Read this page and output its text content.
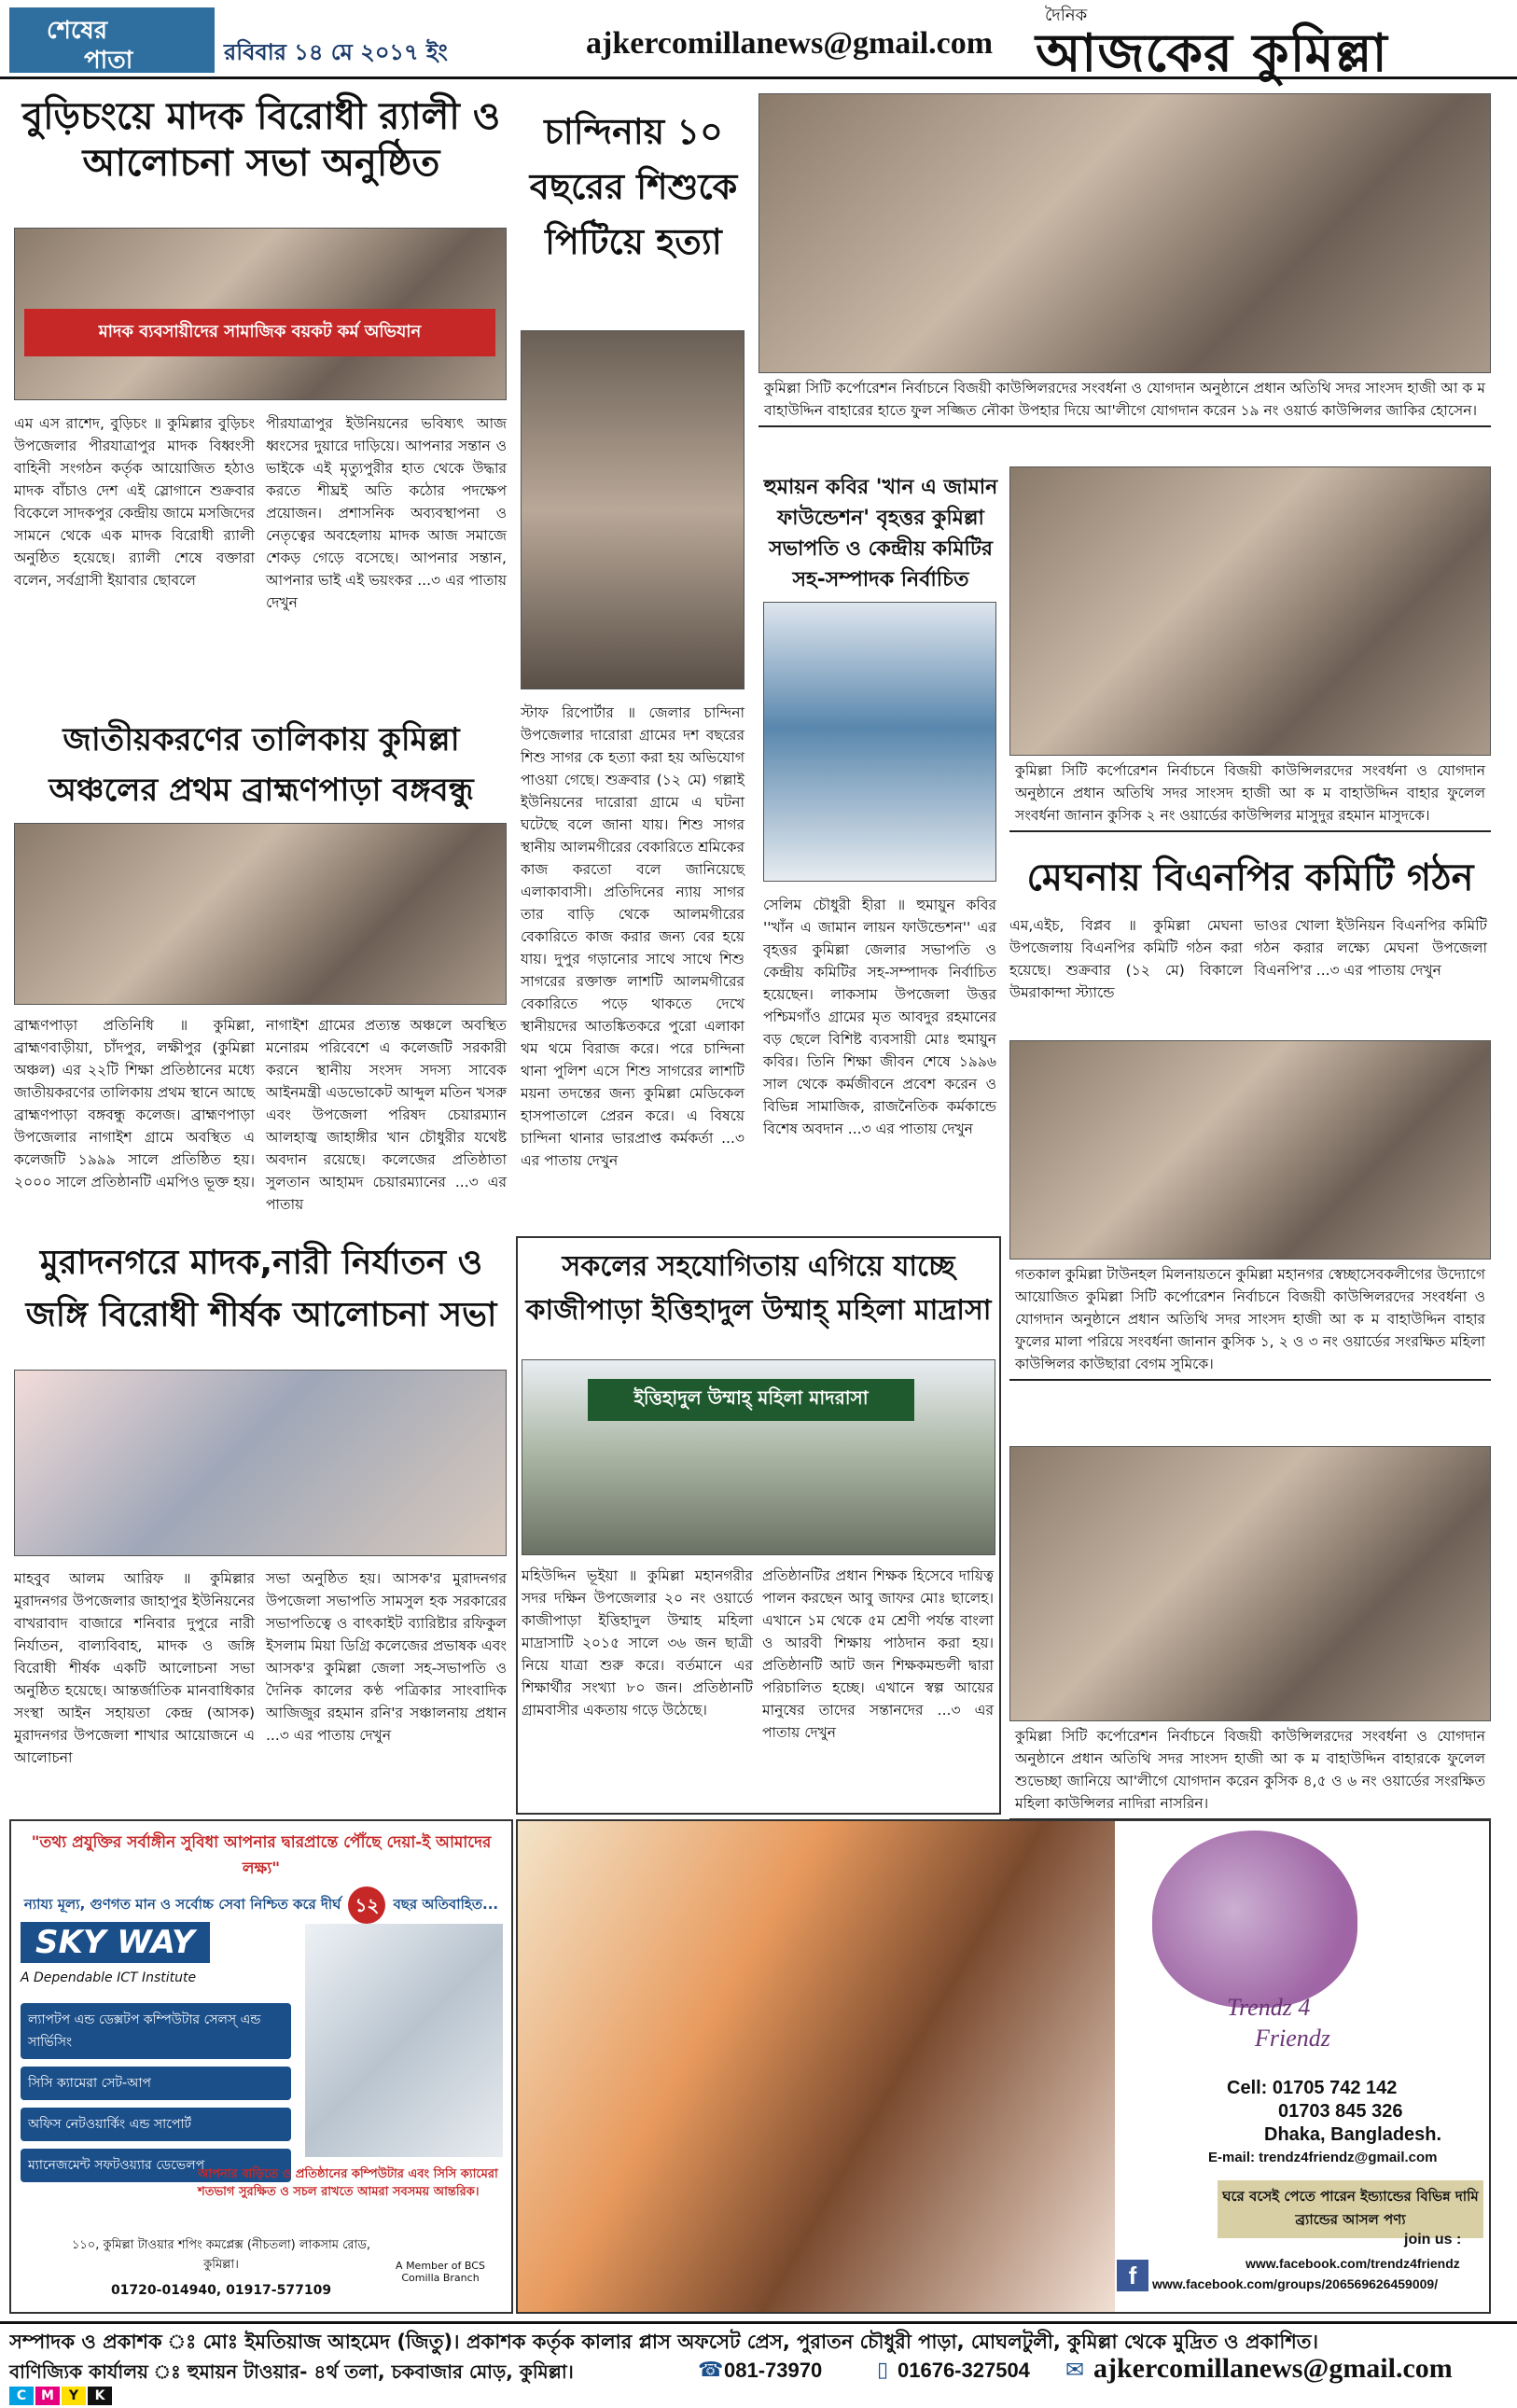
শেষের
পাতা	রবিবার ১৪ মে ২০১৭ ইং	ajkercomillanews@gmail.com
দৈনিক
আজকের কুমিল্লা
বুড়িচংয়ে মাদক বিরোধী র‌্যালী ও আলোচনা সভা অনুষ্ঠিত
মাদক ব্যবসায়ীদের সামাজিক বয়কট কর্ম অভিযান
এম এস রাশেদ, বুড়িচং ॥ কুমিল্লার বুড়িচং উপজেলার পীরযাত্রাপুর মাদক বিধ্বংসী বাহিনী সংগঠন কর্তৃক আয়োজিত হঠাও মাদক বাঁচাও দেশ এই স্লোগানে শুক্রবার বিকেলে সাদকপুর কেন্দ্রীয় জামে মসজিদের সামনে থেকে এক মাদক বিরোধী র‌্যালী অনুষ্ঠিত হয়েছে। র‌্যালী শেষে বক্তারা বলেন, সর্বগ্রাসী ইয়াবার ছোবলে
পীরযাত্রাপুর ইউনিয়নের ভবিষ্যৎ আজ ধ্বংসের দুয়ারে দাড়িয়ে। আপনার সন্তান ও ভাইকে এই মৃত্যুপুরীর হাত থেকে উদ্ধার করতে শীঘ্রই অতি কঠোর পদক্ষেপ প্রয়োজন। প্রশাসনিক অব্যবস্থাপনা ও নেতৃত্বের অবহেলায় মাদক আজ সমাজে শেকড় গেড়ে বসেছে। আপনার সন্তান, আপনার ভাই এই ভয়ংকর ...৩ এর পাতায় দেখুন
চান্দিনায় ১০ বছরের শিশুকে পিটিয়ে হত্যা
স্টাফ রিপোর্টার ॥ জেলার চান্দিনা উপজেলার দারোরা গ্রামের দশ বছরের শিশু সাগর কে হত্যা করা হয় অভিযোগ পাওয়া গেছে। শুক্রবার (১২ মে) গল্লাই ইউনিয়নের দারোরা গ্রামে এ ঘটনা ঘটেছে বলে জানা যায়। শিশু সাগর স্থানীয় আলমগীরের বেকারিতে শ্রমিকের কাজ করতো বলে জানিয়েছে এলাকাবাসী। প্রতিদিনের ন্যায় সাগর তার বাড়ি থেকে আলমগীরের বেকারিতে কাজ করার জন্য বের হয়ে যায়। দুপুর গড়ানোর সাথে সাথে শিশু সাগরের রক্তাক্ত লাশটি আলমগীরের বেকারিতে পড়ে থাকতে দেখে স্থানীয়দের আতঙ্কিতকরে পুরো এলাকা থম থমে বিরাজ করে। পরে চান্দিনা থানা পুলিশ এসে শিশু সাগরের লাশটি ময়না তদন্তের জন্য কুমিল্লা মেডিকেল হাসপাতালে প্রেরন করে। এ বিষয়ে চান্দিনা থানার ভারপ্রাপ্ত কর্মকর্তা ...৩ এর পাতায় দেখুন
কুমিল্লা সিটি কর্পোরেশন নির্বাচনে বিজয়ী কাউন্সিলরদের সংবর্ধনা ও যোগদান অনুষ্ঠানে প্রধান অতিথি সদর সাংসদ হাজী আ ক ম বাহাউদ্দিন বাহারের হাতে ফুল সজ্জিত নৌকা উপহার দিয়ে আ'লীগে যোগদান করেন ১৯ নং ওয়ার্ড কাউন্সিলর জাকির হোসেন।
হুমায়ন কবির 'খান এ জামান ফাউন্ডেশন' বৃহত্তর কুমিল্লা সভাপতি ও কেন্দ্রীয় কমিটির সহ-সম্পাদক নির্বাচিত
সেলিম চৌধুরী হীরা ॥ হুমায়ুন কবির ''খাঁন এ জামান লায়ন ফাউন্ডেশন'' এর বৃহত্তর কুমিল্লা জেলার সভাপতি ও কেন্দ্রীয় কমিটির সহ-সম্পাদক নির্বাচিত হয়েছেন। লাকসাম উপজেলা উত্তর পশ্চিমগাঁও গ্রামের মৃত আবদুর রহমানের বড় ছেলে বিশিষ্ট ব্যবসায়ী মোঃ হুমায়ুন কবির। তিনি শিক্ষা জীবন শেষে ১৯৯৬ সাল থেকে কর্মজীবনে প্রবেশ করেন ও বিভিন্ন সামাজিক, রাজনৈতিক কর্মকান্ডে বিশেষ অবদান ...৩ এর পাতায় দেখুন
কুমিল্লা সিটি কর্পোরেশন নির্বাচনে বিজয়ী কাউন্সিলরদের সংবর্ধনা ও যোগদান অনুষ্ঠানে প্রধান অতিথি সদর সাংসদ হাজী আ ক ম বাহাউদ্দিন বাহার ফুলেল সংবর্ধনা জানান কুসিক ২ নং ওয়ার্ডের কাউন্সিলর মাসুদুর রহমান মাসুদকে।
জাতীয়করণের তালিকায় কুমিল্লা অঞ্চলের প্রথম ব্রাহ্মণপাড়া বঙ্গবন্ধু
ব্রাহ্মণপাড়া প্রতিনিধি ॥ কুমিল্লা, ব্রাহ্মণবাড়ীয়া, চাঁদপুর, লক্ষীপুর (কুমিল্লা অঞ্চল) এর ২২টি শিক্ষা প্রতিষ্ঠানের মধ্যে জাতীয়করণের তালিকায় প্রথম স্থানে আছে ব্রাহ্মণপাড়া বঙ্গবন্ধু কলেজ। ব্রাহ্মণপাড়া উপজেলার নাগাইশ গ্রামে অবস্থিত এ কলেজটি ১৯৯৯ সালে প্রতিষ্ঠিত হয়। ২০০০ সালে প্রতিষ্ঠানটি এমপিও ভূক্ত হয়।
নাগাইশ গ্রামের প্রত্যন্ত অঞ্চলে অবস্থিত মনোরম পরিবেশে এ কলেজটি সরকারী করনে স্থানীয় সংসদ সদস্য সাবেক আইনমন্ত্রী এডভোকেট আব্দুল মতিন খসরু এবং উপজেলা পরিষদ চেয়ারম্যান আলহাজ্ব জাহাঙ্গীর খান চৌধুরীর যথেষ্ট অবদান রয়েছে। কলেজের প্রতিষ্ঠাতা সুলতান আহামদ চেয়ারম্যানের ...৩ এর পাতায়
মেঘনায় বিএনপির কমিটি গঠন
এম,এইচ, বিপ্লব ॥ কুমিল্লা মেঘনা উপজেলায় বিএনপির কমিটি গঠন করা হয়েছে। শুক্রবার (১২ মে) বিকালে উমরাকান্দা স্ট্যান্ডে
ভাওর খোলা ইউনিয়ন বিএনপির কমিটি গঠন করার লক্ষ্যে মেঘনা উপজেলা বিএনপি'র ...৩ এর পাতায় দেখুন
গতকাল কুমিল্লা টাউনহল মিলনায়তনে কুমিল্লা মহানগর স্বেচ্ছাসেবকলীগের উদ্যোগে আয়োজিত কুমিল্লা সিটি কর্পোরেশন নির্বাচনে বিজয়ী কাউন্সিলরদের সংবর্ধনা ও যোগদান অনুষ্ঠানে প্রধান অতিথি সদর সাংসদ হাজী আ ক ম বাহাউদ্দিন বাহার ফুলের মালা পরিয়ে সংবর্ধনা জানান কুসিক ১, ২ ও ৩ নং ওয়ার্ডের সংরক্ষিত মহিলা কাউন্সিলর কাউছারা বেগম সুমিকে।
মুরাদনগরে মাদক,নারী নির্যাতন ও জঙ্গি বিরোধী শীর্ষক আলোচনা সভা
মাহবুব আলম আরিফ ॥ কুমিল্লার মুরাদনগর উপজেলার জাহাপুর ইউনিয়নের বাখরাবাদ বাজারে শনিবার দুপুরে নারী নির্যাতন, বাল্যবিবাহ, মাদক ও জঙ্গি বিরোধী শীর্ষক একটি আলোচনা সভা অনুষ্ঠিত হয়েছে। আন্তর্জাতিক মানবাধিকার সংস্থা আইন সহায়তা কেন্দ্র (আসক) মুরাদনগর উপজেলা শাখার আয়োজনে এ আলোচনা
সভা অনুষ্ঠিত হয়। আসক'র মুরাদনগর উপজেলা সভাপতি সামসুল হক সরকারের সভাপতিত্বে ও বাৎকাইট ব্যারিষ্টার রফিকুল ইসলাম মিয়া ডিগ্রি কলেজের প্রভাষক এবং আসক'র কুমিল্লা জেলা সহ-সভাপতি ও দৈনিক কালের কণ্ঠ পত্রিকার সাংবাদিক আজিজুর রহমান রনি'র সঞ্চালনায় প্রধান ...৩ এর পাতায় দেখুন
সকলের সহযোগিতায় এগিয়ে যাচ্ছে কাজীপাড়া ইত্তিহাদুল উম্মাহ্ মহিলা মাদ্রাসা
ইত্তিহাদুল উম্মাহ্ মহিলা মাদরাসা
মহিউদ্দিন ভূইয়া ॥ কুমিল্লা মহানগরীর সদর দক্ষিন উপজেলার ২০ নং ওয়ার্ডে কাজীপাড়া ইত্তিহাদুল উম্মাহ মহিলা মাদ্রাসাটি ২০১৫ সালে ৩৬ জন ছাত্রী নিয়ে যাত্রা শুরু করে। বর্তমানে এর শিক্ষার্থীর সংখ্যা ৮০ জন। প্রতিষ্ঠানটি গ্রামবাসীর একতায় গড়ে উঠেছে।
প্রতিষ্ঠানটির প্রধান শিক্ষক হিসেবে দায়িত্ব পালন করছেন আবু জাফর মোঃ ছালেহ। এখানে ১ম থেকে ৫ম শ্রেণী পর্যন্ত বাংলা ও আরবী শিক্ষায় পাঠদান করা হয়। প্রতিষ্ঠানটি আট জন শিক্ষকমন্ডলী দ্বারা পরিচালিত হচ্ছে। এখানে স্বল্প আয়ের মানুষের তাদের সন্তানদের ...৩ এর পাতায় দেখুন	কুমিল্লা সিটি কর্পোরেশন নির্বাচনে বিজয়ী কাউন্সিলরদের সংবর্ধনা ও যোগদান অনুষ্ঠানে প্রধান অতিথি সদর সাংসদ হাজী আ ক ম বাহাউদ্দিন বাহারকে ফুলেল শুভেচ্ছা জানিয়ে আ'লীগে যোগদান করেন কুসিক ৪,৫ ও ৬ নং ওয়ার্ডের সংরক্ষিত মহিলা কাউন্সিলর নাদিরা নাসরিন।
"তথ্য প্রযুক্তির সর্বাঙ্গীন সুবিধা আপনার দ্বারপ্রান্তে পৌঁছে দেয়া-ই আমাদের লক্ষ্য"
ন্যায্য মূল্য, গুণগত মান ও সর্বোচ্চ সেবা নিশ্চিত করে দীর্ঘ ১২	বছর অতিবাহিত...
SKY WAY
A Dependable ICT Institute
ল্যাপটপ এন্ড ডেক্সটপ কম্পিউটার সেলস্ এন্ড সার্ভিসিং
সিসি ক্যামেরা সেট-আপ
অফিস নেটওয়ার্কিং এন্ড সাপোর্ট
ম্যানেজমেন্ট সফটওয়্যার ডেভেলপ
আপনার বাড়িতে ও প্রতিষ্ঠানের কম্পিউটার এবং সিসি ক্যামেরা শতভাগ সুরক্ষিত ও সচল রাখতে আমরা সবসময় আন্তরিক।
A Member of BCS Comilla Branch
১১০, কুমিল্লা টাওয়ার শপিং কমপ্লেক্স (নীচতলা) লাকসাম রোড, কুমিল্লা।
01720-014940, 01917-577109
Trendz 4
Friendz
Cell: 01705 742 142
01703 845 326
Dhaka, Bangladesh.
E-mail: trendz4friendz@gmail.com
ঘরে বসেই পেতে পারেন ইন্ড্যান্ডের বিভিন্ন দামি ব্র্যান্ডের আসল পণ্য
join us :
f	www.facebook.com/trendz4friendz
www.facebook.com/groups/206569626459009/
সম্পাদক ও প্রকাশক ঃ মোঃ ইমতিয়াজ আহমেদ (জিতু)। প্রকাশক কর্তৃক কালার প্লাস অফসেট প্রেস, পুরাতন চৌধুরী পাড়া, মোঘলটুলী, কুমিল্লা থেকে মুদ্রিত ও প্রকাশিত।
বাণিজ্যিক কার্যালয় ঃ হুমায়ন টাওয়ার- ৪র্থ তলা, চকবাজার মোড়, কুমিল্লা।	☎ 081-73970	▯ 01676-327504 ✉ ajkercomillanews@gmail.com
C	M	Y	K
